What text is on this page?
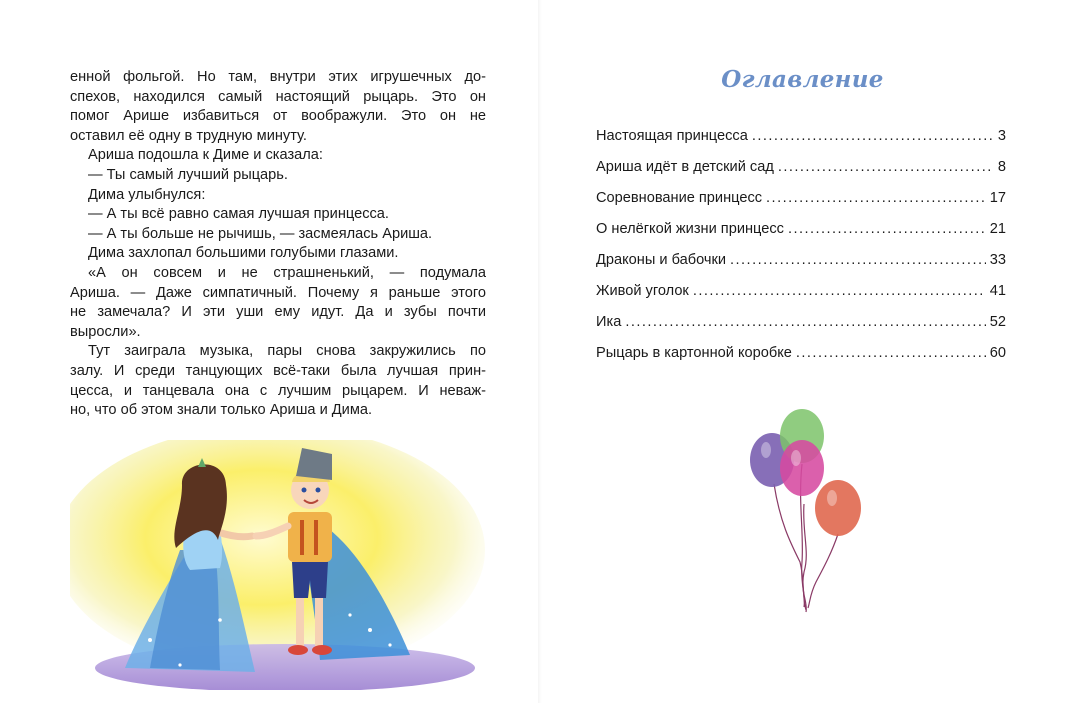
енной фольгой. Но там, внутри этих игрушечных до-

спехов, находился самый настоящий рыцарь. Это он

помог Арише избавиться от воображули. Это он не

оставил её одну в трудную минуту.

Ариша подошла к Диме и сказала:

— Ты самый лучший рыцарь.

Дима улыбнулся:

— А ты всё равно самая лучшая принцесса.

— А ты больше не рычишь, — засмеялась Ариша.

Дима захлопал большими голубыми глазами.

«А он совсем и не страшненький, — подумала

Ариша. — Даже симпатичный. Почему я раньше этого

не замечала? И эти уши ему идут. Да и зубы почти

выросли».

Тут заиграла музыка, пары снова закружились по

залу. И среди танцующих всё-таки была лучшая прин-

цесса, и танцевала она с лучшим рыцарем. И неваж-

но, что об этом знали только Ариша и Дима.

Оглавление
Настоящая принцесса . . .	3
Ариша идёт в детский сад . . .	8
Соревнование принцесс . . .	17
О нелёгкой жизни принцесс . . .	21
Драконы и бабочки . . .	33
Живой уголок . . .	41
Ика . . .	52
Рыцарь в картонной коробке . . .	60
